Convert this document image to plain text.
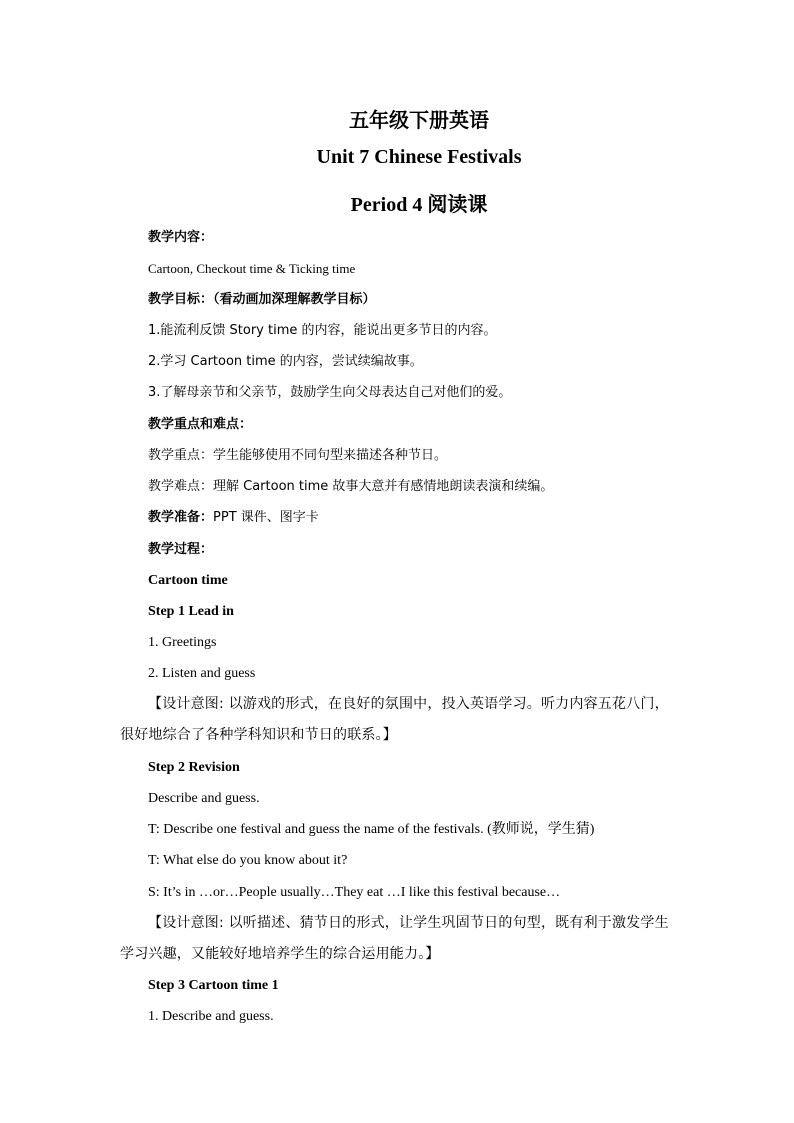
五年级下册英语
Unit 7 Chinese Festivals
Period 4 阅读课
教学内容：
Cartoon, Checkout time & Ticking time
教学目标：（看动画加深理解教学目标）
1.能流利反馈 Story time 的内容，能说出更多节日的内容。
2.学习 Cartoon time 的内容，尝试续编故事。
3.了解母亲节和父亲节，鼓励学生向父母表达自己对他们的爱。
教学重点和难点：
教学重点：学生能够使用不同句型来描述各种节日。
教学难点：理解 Cartoon time 故事大意并有感情地朗读表演和续编。
教学准备：PPT 课件、图字卡
教学过程：
Cartoon time
Step 1 Lead in
1. Greetings
2. Listen and guess
【设计意图: 以游戏的形式，在良好的氛围中，投入英语学习。听力内容五花八门，很好地综合了各种学科知识和节日的联系。】
Step 2 Revision
Describe and guess.
T: Describe one festival and guess the name of the festivals. (教师说，学生猜)
T: What else do you know about it?
S: It’s in …or…People usually…They eat …I like this festival because…
【设计意图: 以听描述、猜节日的形式，让学生巩固节日的句型，既有利于激发学生学习兴趣，又能较好地培养学生的综合运用能力。】
Step 3 Cartoon time 1
1. Describe and guess.
